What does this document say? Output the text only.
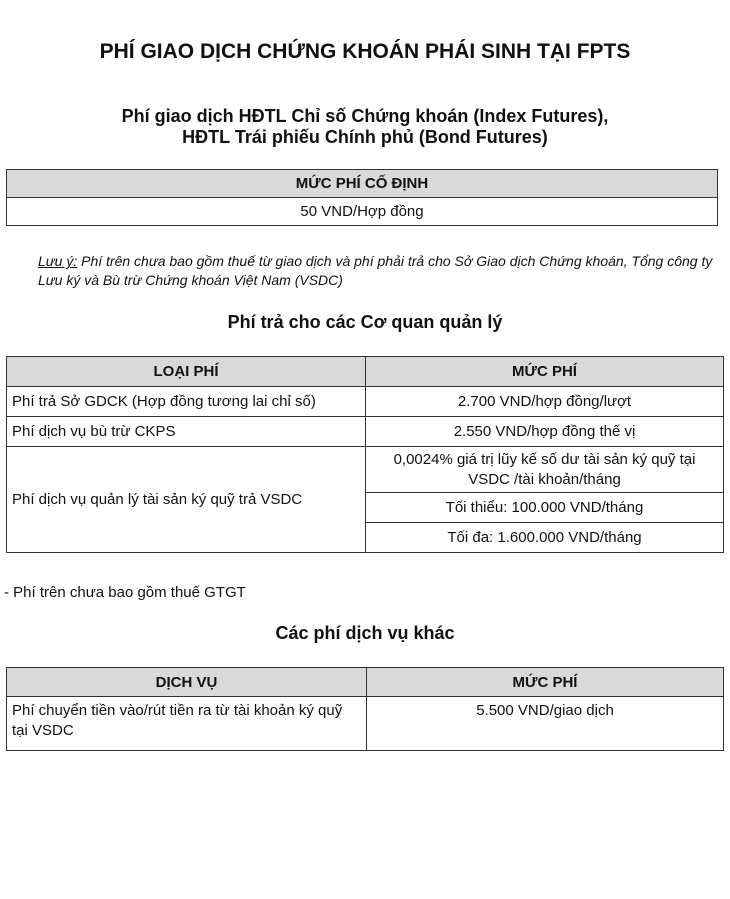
PHÍ GIAO DỊCH CHỨNG KHOÁN PHÁI SINH TẠI FPTS
Phí giao dịch HĐTL Chỉ số Chứng khoán (Index Futures),
HĐTL Trái phiếu Chính phủ (Bond Futures)
MỨC PHÍ CỐ ĐỊNH
50 VND/Hợp đồng
Lưu ý: Phí trên chưa bao gồm thuế từ giao dịch và phí phải trả cho Sở Giao dịch Chứng khoán, Tổng công ty Lưu ký và Bù trừ Chứng khoán Việt Nam (VSDC)
Phí trả cho các Cơ quan quản lý
LOẠI PHÍ	MỨC PHÍ
Phí trả Sở GDCK (Hợp đồng tương lai chỉ số)	2.700 VND/hợp đồng/lượt
Phí dịch vụ bù trừ CKPS	2.550 VND/hợp đồng thế vị
Phí dịch vụ quản lý tài sản ký quỹ trả VSDC	0,0024% giá trị lũy kế số dư tài sản ký quỹ tại VSDC /tài khoản/tháng
	Tối thiểu: 100.000 VND/tháng
	Tối đa: 1.600.000 VND/tháng
- Phí trên chưa bao gồm thuế GTGT
Các phí dịch vụ khác
DỊCH VỤ	MỨC PHÍ
Phí chuyển tiền vào/rút tiền ra từ tài khoản ký quỹ tại VSDC	5.500 VND/giao dịch
